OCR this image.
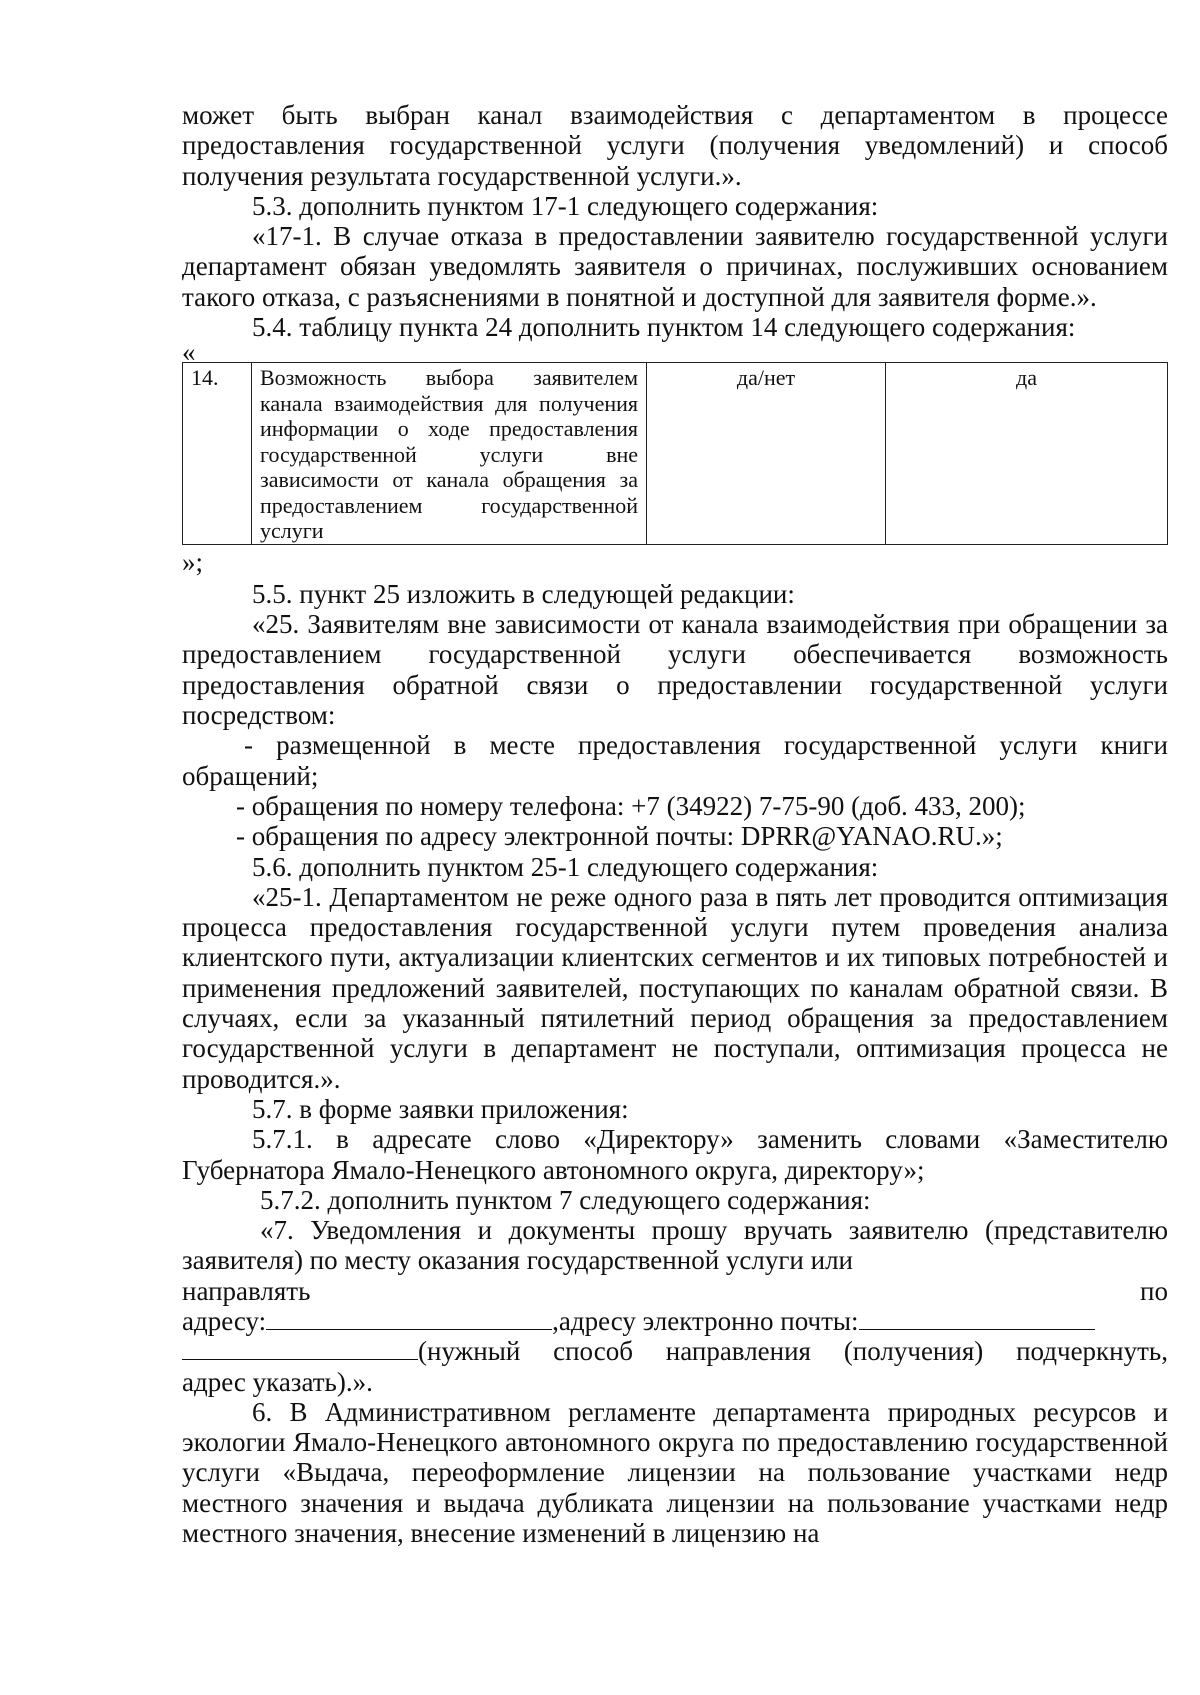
может быть выбран канал взаимодействия с департаментом в процессе

предоставления государственной услуги (получения уведомлений) и способ

получения результата государственной услуги.».

5.3. дополнить пунктом 17-1 следующего содержания:

«17-1. В случае отказа в предоставлении заявителю государственной услуги департамент обязан уведомлять заявителя о причинах, послуживших основанием такого отказа, с разъяснениями в понятной и доступной для заявителя форме.».

5.4. таблицу пункта 24 дополнить пунктом 14 следующего содержания:

«

14.	Возможность выбора заявителем канала взаимодействия для получения информации о ходе предоставления государственной услуги вне зависимости от канала обращения за предоставлением государственной услуги	да/нет	да

»;

5.5. пункт 25 изложить в следующей редакции:

«25. Заявителям вне зависимости от канала взаимодействия при обращении за предоставлением государственной услуги обеспечивается возможность предоставления обратной связи о предоставлении государственной услуги посредством:

- размещенной в месте предоставления государственной услуги книги обращений;

- обращения по номеру телефона: +7 (34922) 7-75-90 (доб. 433, 200);

- обращения по адресу электронной почты: DPRR@YANAO.RU.»;

5.6. дополнить пунктом 25-1 следующего содержания:

«25-1. Департаментом не реже одного раза в пять лет проводится оптимизация процесса предоставления государственной услуги путем проведения анализа клиентского пути, актуализации клиентских сегментов и их типовых потребностей и применения предложений заявителей, поступающих по каналам обратной связи. В случаях, если за указанный пятилетний период обращения за предоставлением государственной услуги в департамент не поступали, оптимизация процесса не проводится.».

5.7. в форме заявки приложения:

5.7.1. в адресате слово «Директору» заменить словами «Заместителю Губернатора Ямало-Ненецкого автономного округа, директору»;

5.7.2. дополнить пунктом 7 следующего содержания:

«7. Уведомления и документы прошу вручать заявителю (представителю заявителя) по месту оказания государственной услуги или

направлять	по
адресу:	,адресу электронно почты:
(нужный способ направления (получения) подчеркнуть,

адрес указать).».

6. В Административном регламенте департамента природных ресурсов и экологии Ямало-Ненецкого автономного округа по предоставлению государственной услуги «Выдача, переоформление лицензии на пользование участками недр местного значения и выдача дубликата лицензии на пользование участками недр местного значения, внесение изменений в лицензию на
